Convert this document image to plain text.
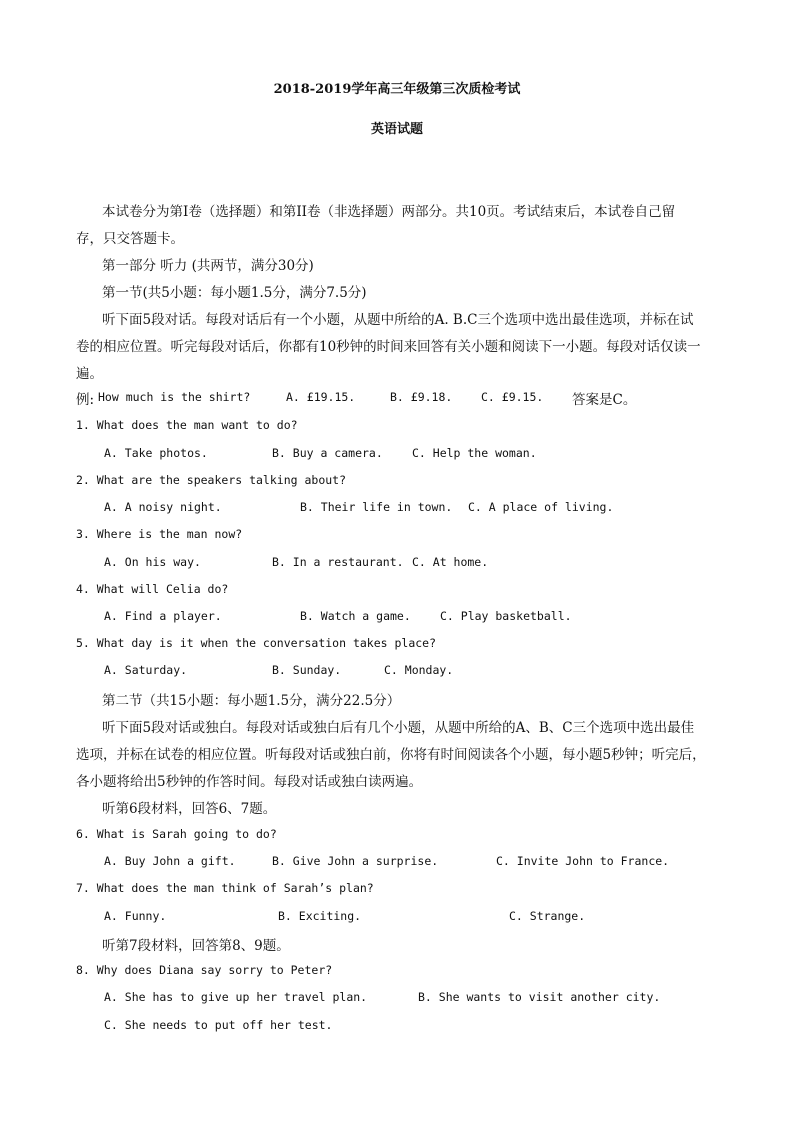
2018-2019学年高三年级第三次质检考试
英语试题
本试卷分为第Ⅰ卷（选择题）和第II卷（非选择题）两部分。共10页。考试结束后，本试卷自己留
存，只交答题卡。
第一部分 听力 (共两节，满分30分)
第一节(共5小题：每小题1.5分，满分7.5分)
听下面5段对话。每段对话后有一个小题，从题中所给的A. B.C三个选项中选出最佳选项，并标在试
卷的相应位置。听完每段对话后，你都有10秒钟的时间来回答有关小题和阅读下一小题。每段对话仅读一
遍。

例:

How much is the shirt?

	A. £19.15.

	B. £9.18.

C. £9.15.

答案是C。

1. What does the man want to do?

A. Take photos.

	B. Buy a camera.

	C. Help the woman.

2. What are the speakers talking about?

A. A noisy night.

	B. Their life in town.

C. A place of living.

3. Where is the man now?

A. On his way.

	B. In a restaurant.

C. At home.

4. What will Celia do?

A. Find a player.

	B. Watch a game.

	C. Play basketball.

5. What day is it when the conversation takes place?

A. Saturday.

	B. Sunday.

	C. Monday.

第二节（共15小题：每小题1.5分，满分22.5分）
听下面5段对话或独白。每段对话或独白后有几个小题，从题中所给的A、B、C三个选项中选出最佳
选项，并标在试卷的相应位置。听每段对话或独白前，你将有时间阅读各个小题，每小题5秒钟；听完后，
各小题将给出5秒钟的作答时间。每段对话或独白读两遍。
听第6段材料，回答6、7题。
6. What is Sarah going to do?

A. Buy John a gift.

	B. Give John a surprise.

	C. Invite John to France.

7. What does the man think of Sarah’s plan?

A. Funny.

	B. Exciting.

	C. Strange.

听第7段材料，回答第8、9题。
8. Why does Diana say sorry to Peter?

A. She has to give up her travel plan.

	B. She wants to visit another city.

C. She needs to put off her test.
